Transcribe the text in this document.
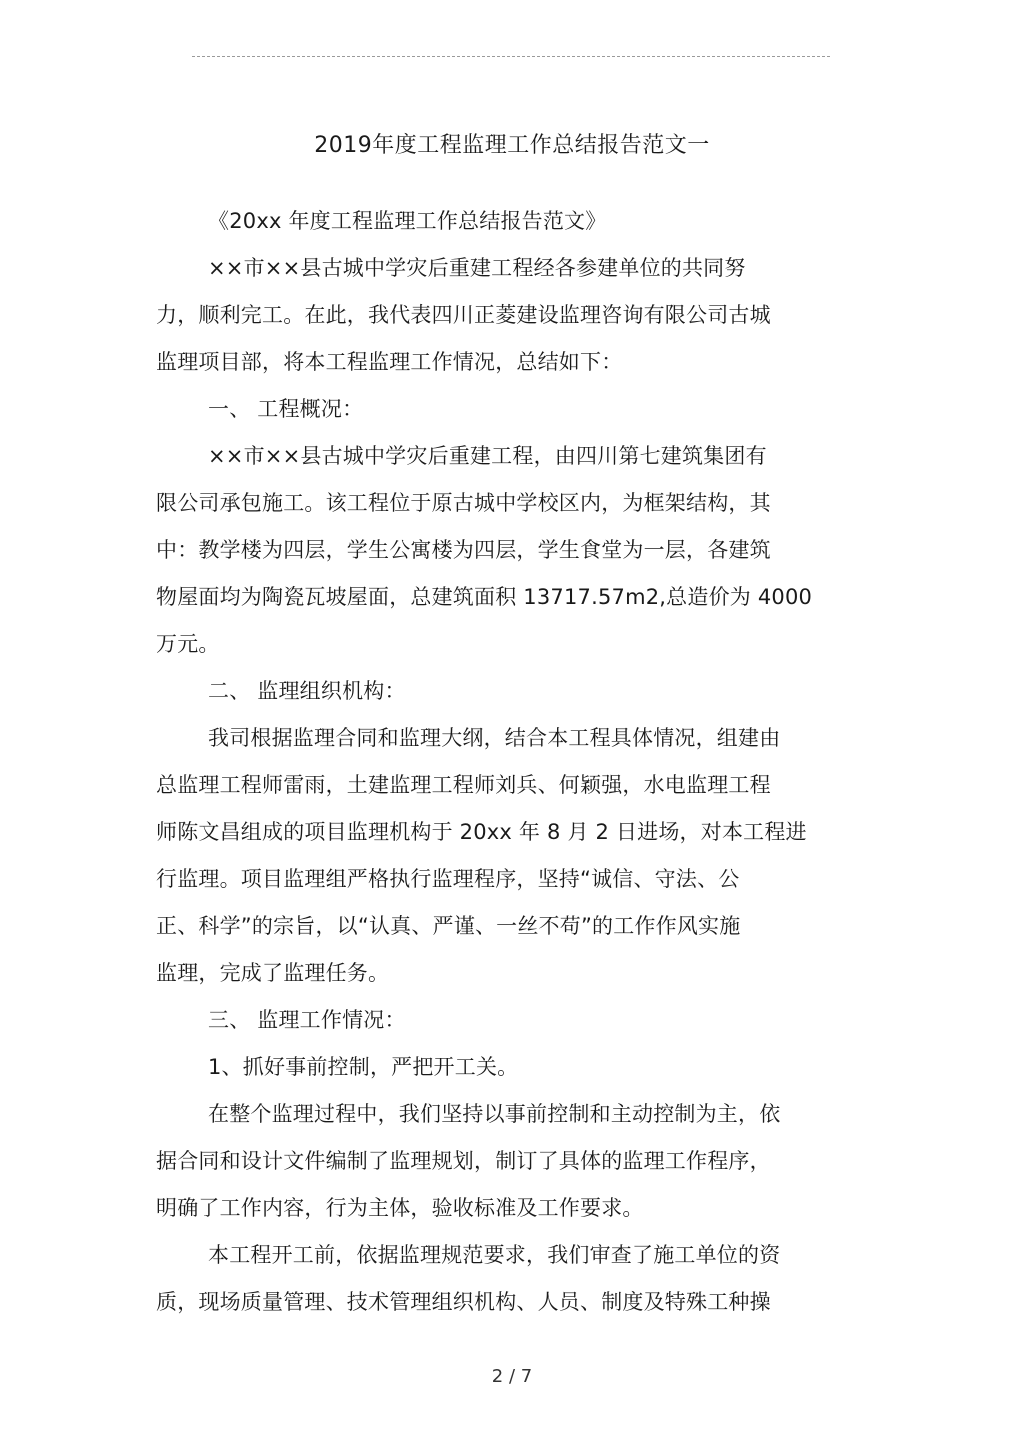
2019年度工程监理工作总结报告范文一
《20xx 年度工程监理工作总结报告范文》
××市××县古城中学灾后重建工程经各参建单位的共同努
力，顺利完工。在此，我代表四川正菱建设监理咨询有限公司古城
监理项目部，将本工程监理工作情况，总结如下：
一、 工程概况：
××市××县古城中学灾后重建工程，由四川第七建筑集团有
限公司承包施工。该工程位于原古城中学校区内，为框架结构，其
中：教学楼为四层，学生公寓楼为四层，学生食堂为一层，各建筑
物屋面均为陶瓷瓦坡屋面，总建筑面积 13717.57m2,总造价为 4000
万元。
二、 监理组织机构：
我司根据监理合同和监理大纲，结合本工程具体情况，组建由
总监理工程师雷雨，土建监理工程师刘兵、何颖强，水电监理工程
师陈文昌组成的项目监理机构于 20xx 年 8 月 2 日进场，对本工程进
行监理。项目监理组严格执行监理程序，坚持“诚信、守法、公
正、科学”的宗旨，以“认真、严谨、一丝不苟”的工作作风实施
监理，完成了监理任务。
三、 监理工作情况：
1、抓好事前控制，严把开工关。
在整个监理过程中，我们坚持以事前控制和主动控制为主，依
据合同和设计文件编制了监理规划，制订了具体的监理工作程序，
明确了工作内容，行为主体，验收标准及工作要求。
本工程开工前，依据监理规范要求，我们审查了施工单位的资
质，现场质量管理、技术管理组织机构、人员、制度及特殊工种操
2 / 7
